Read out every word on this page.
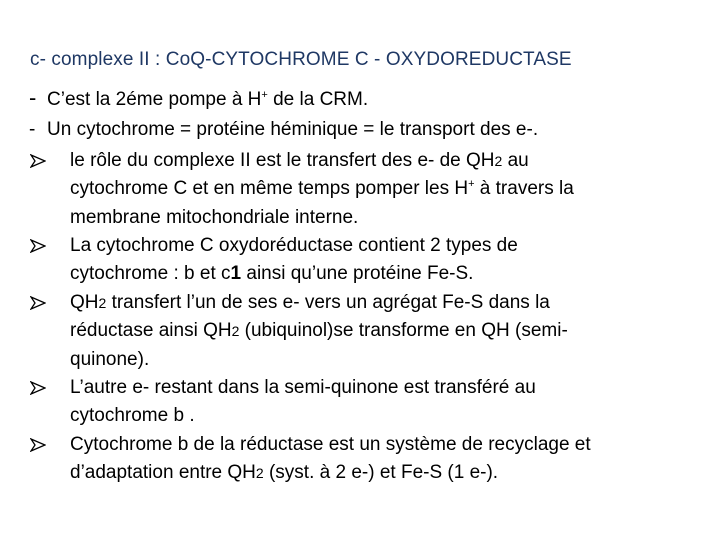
c- complexe II : CoQ-CYTOCHROME C - OXYDOREDUCTASE
- C’est la 2éme pompe à H+ de la CRM.
- Un cytochrome = protéine héminique = le transport des e-.
le rôle du complexe II est le transfert des e- de QH2 au
cytochrome C et en même temps pomper les H+ à travers la
membrane mitochondriale interne.
La cytochrome C oxydoréductase contient 2 types de
cytochrome : b et c1 ainsi qu’une protéine Fe-S.
QH2 transfert l’un de ses e- vers un agrégat Fe-S dans la
réductase ainsi QH2 (ubiquinol)se transforme en QH (semi-
quinone).
L’autre e- restant dans la semi-quinone est transféré au
cytochrome b .
Cytochrome b de la réductase est un système de recyclage et
d’adaptation entre QH2 (syst. à 2 e-) et Fe-S (1 e-).
